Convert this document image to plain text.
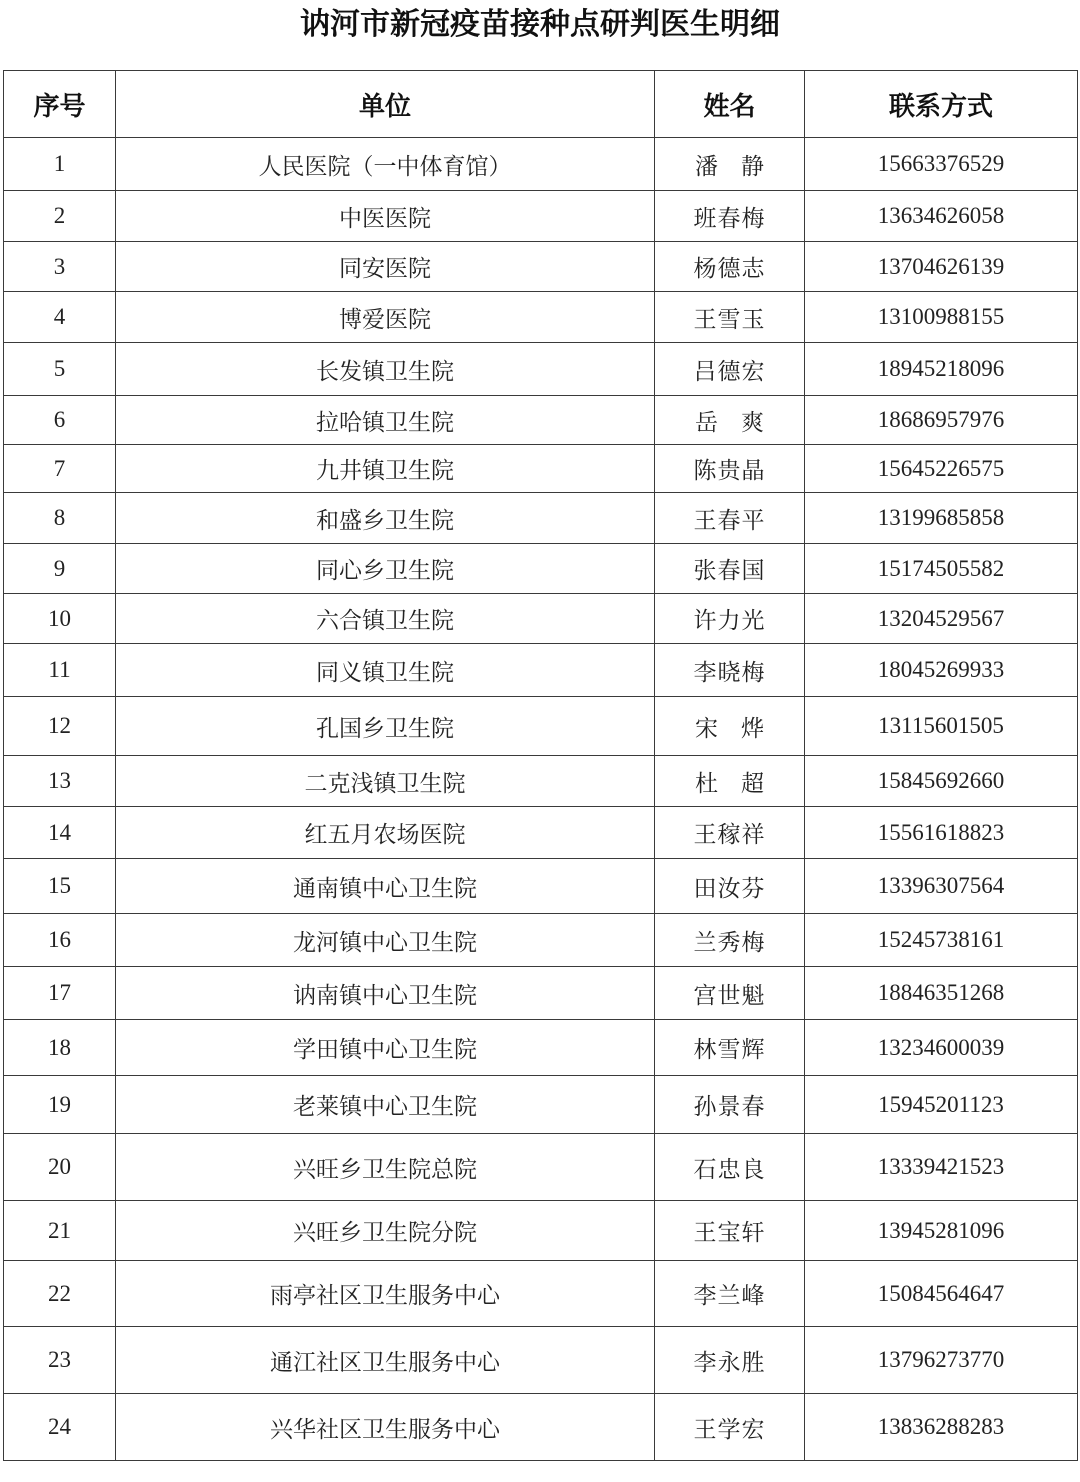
讷河市新冠疫苗接种点研判医生明细
序号	单位	姓名	联系方式
1	人民医院（一中体育馆）	潘　静	15663376529
2	中医医院	班春梅	13634626058
3	同安医院	杨德志	13704626139
4	博爱医院	王雪玉	13100988155
5	长发镇卫生院	吕德宏	18945218096
6	拉哈镇卫生院	岳　爽	18686957976
7	九井镇卫生院	陈贵晶	15645226575
8	和盛乡卫生院	王春平	13199685858
9	同心乡卫生院	张春国	15174505582
10	六合镇卫生院	许力光	13204529567
11	同义镇卫生院	李晓梅	18045269933
12	孔国乡卫生院	宋　烨	13115601505
13	二克浅镇卫生院	杜　超	15845692660
14	红五月农场医院	王稼祥	15561618823
15	通南镇中心卫生院	田汝芬	13396307564
16	龙河镇中心卫生院	兰秀梅	15245738161
17	讷南镇中心卫生院	宫世魁	18846351268
18	学田镇中心卫生院	林雪辉	13234600039
19	老莱镇中心卫生院	孙景春	15945201123
20	兴旺乡卫生院总院	石忠良	13339421523
21	兴旺乡卫生院分院	王宝轩	13945281096
22	雨亭社区卫生服务中心	李兰峰	15084564647
23	通江社区卫生服务中心	李永胜	13796273770
24	兴华社区卫生服务中心	王学宏	13836288283
